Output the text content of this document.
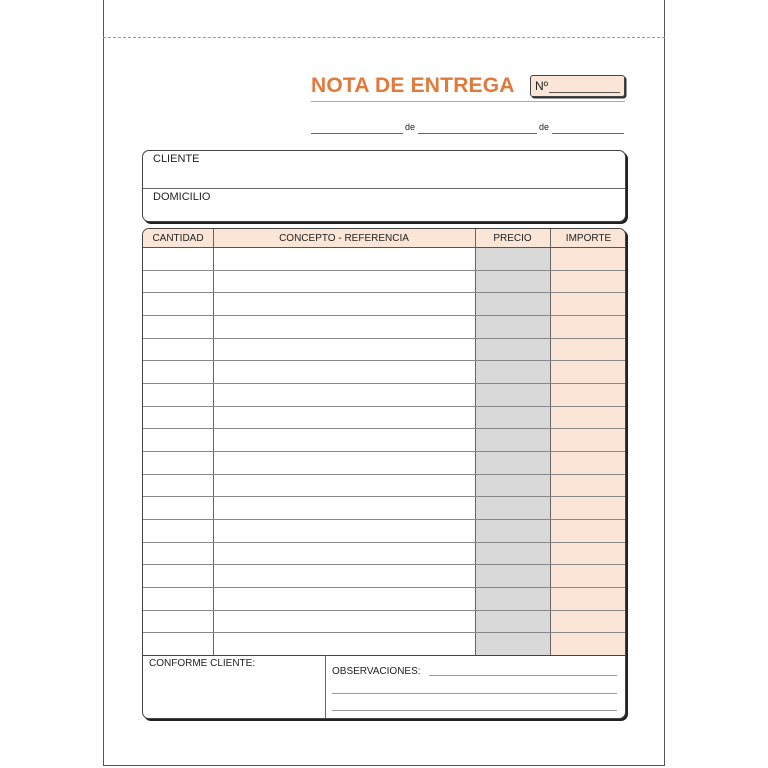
NOTA DE ENTREGA Nº
de	de
CLIENTE
DOMICILIO
CANTIDAD	CONCEPTO - REFERENCIA	PRECIO	IMPORTE
CONFORME CLIENTE:
OBSERVACIONES:
